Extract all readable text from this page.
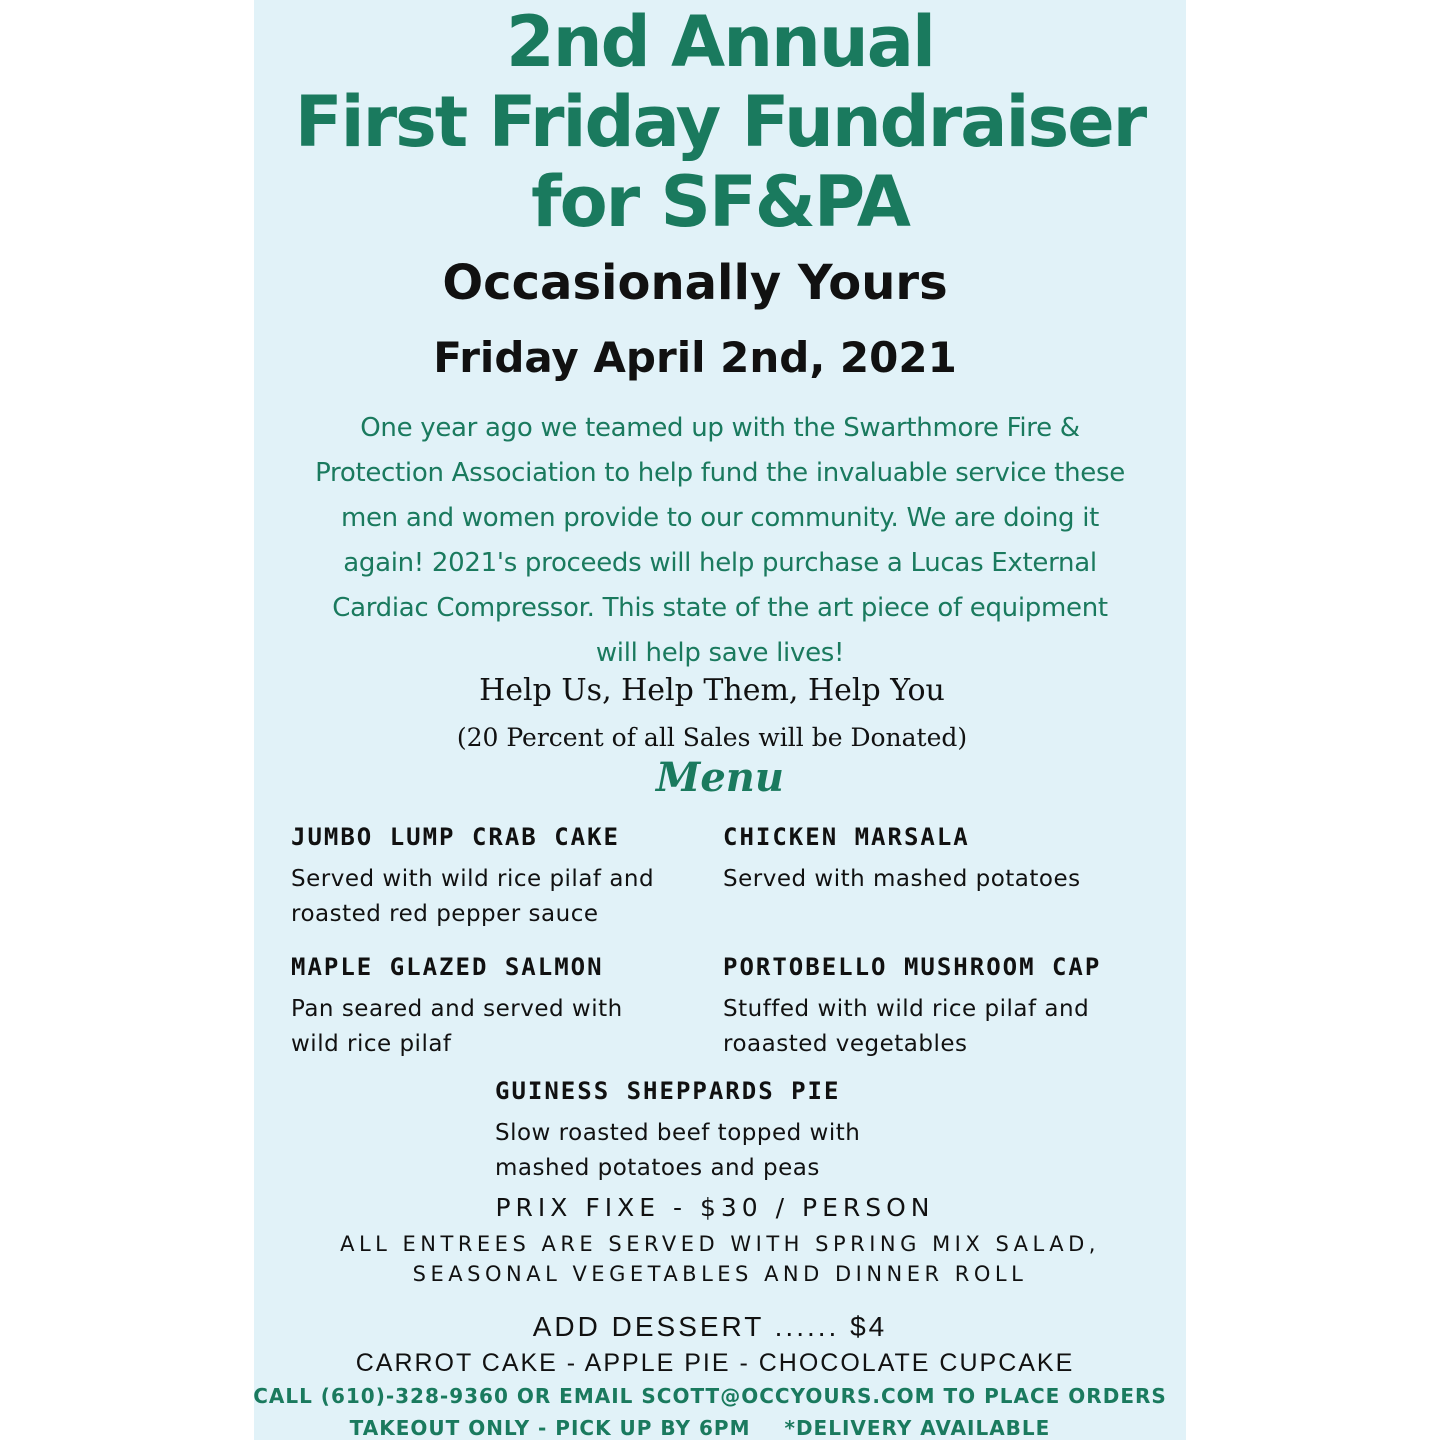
2nd Annual
First Friday Fundraiser
for SF&PA
Occasionally Yours
Friday April 2nd, 2021
One year ago we teamed up with the Swarthmore Fire &
Protection Association to help fund the invaluable service these
men and women provide to our community. We are doing it
again! 2021's proceeds will help purchase a Lucas External
Cardiac Compressor. This state of the art piece of equipment
will help save lives!
Help Us, Help Them, Help You
(20 Percent of all Sales will be Donated)
Menu
JUMBO LUMP CRAB CAKE
Served with wild rice pilaf and
roasted red pepper sauce
CHICKEN MARSALA
Served with mashed potatoes
MAPLE GLAZED SALMON
Pan seared and served with
wild rice pilaf
PORTOBELLO MUSHROOM CAP
Stuffed with wild rice pilaf and
roaasted vegetables
GUINESS SHEPPARDS PIE
Slow roasted beef topped with
mashed potatoes and peas
PRIX FIXE - $30 / PERSON
ALL ENTREES ARE SERVED WITH SPRING MIX SALAD,
SEASONAL VEGETABLES AND DINNER ROLL
ADD DESSERT ...... $4
CARROT CAKE - APPLE PIE - CHOCOLATE CUPCAKE
CALL (610)-328-9360 OR EMAIL SCOTT@OCCYOURS.COM TO PLACE ORDERS
TAKEOUT ONLY - PICK UP BY 6PM *DELIVERY AVAILABLE
